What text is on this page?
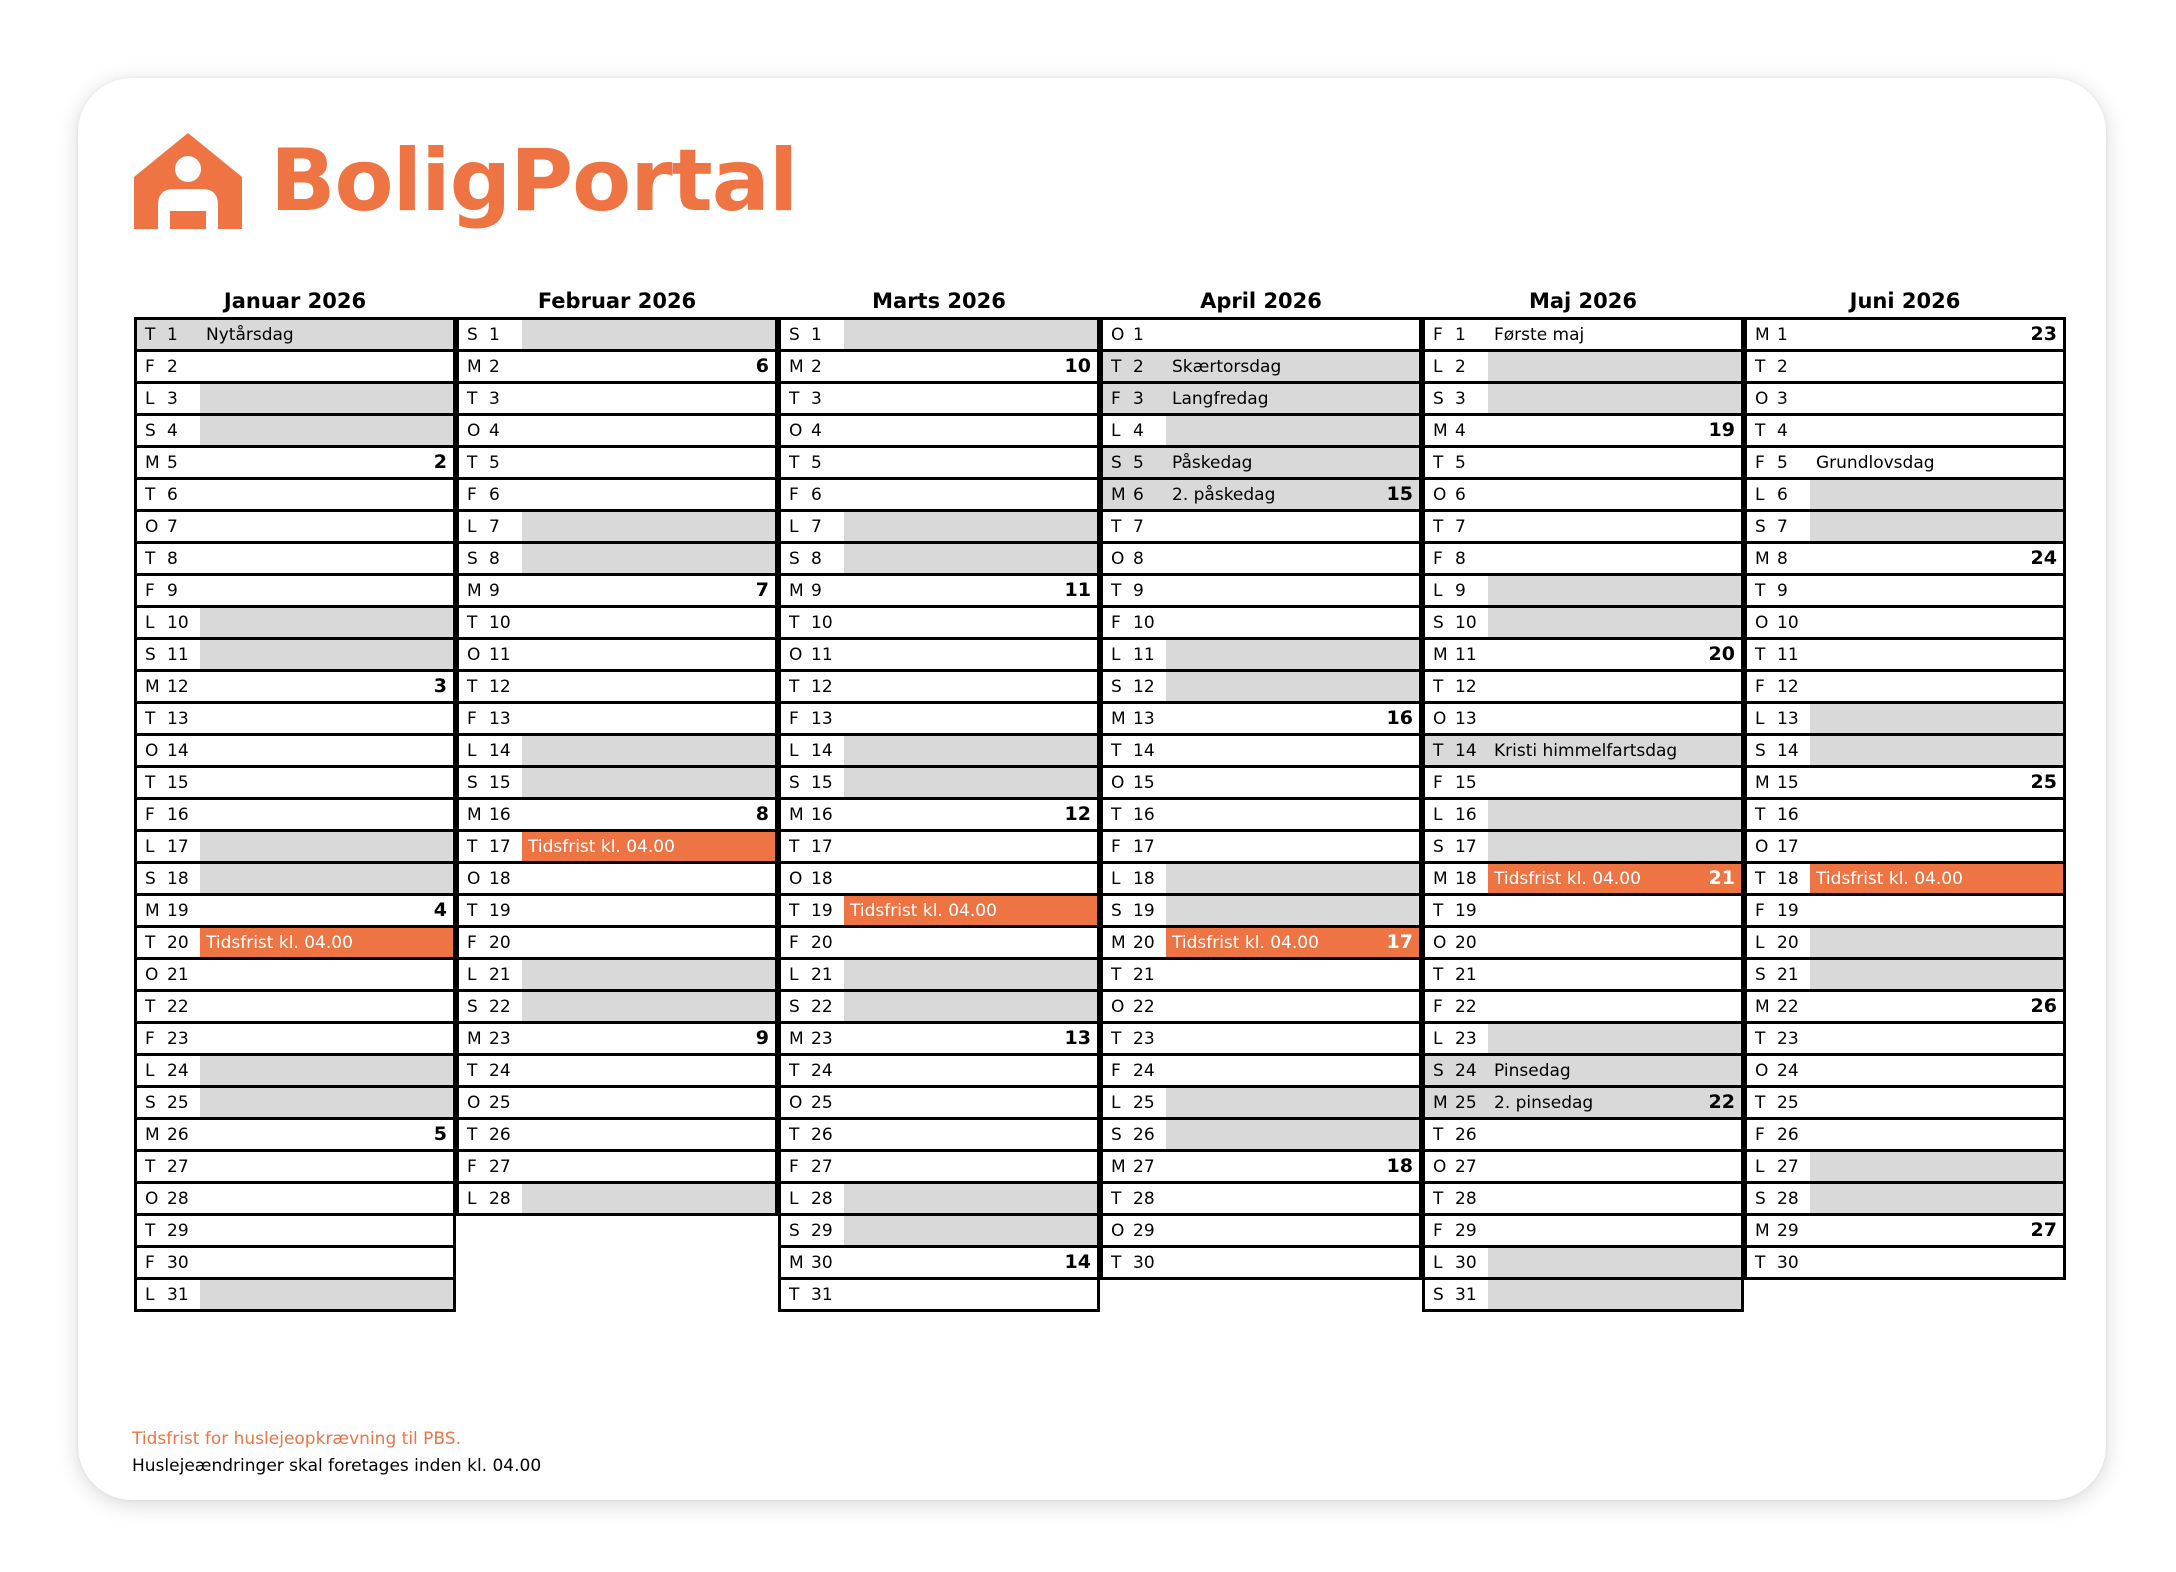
BoligPortal
Januar 2026
T 1	Nytårsdag
F 2
L 3
S 4
M 5	2
T 6
O 7
T 8
F 9
L 10
S 11
M 12	3
T 13
O 14
T 15
F 16
L 17
S 18
M 19	4
T 20	Tidsfrist kl. 04.00
O 21
T 22
F 23
L 24
S 25
M 26	5
T 27
O 28
T 29
F 30
L 31
Februar 2026
S 1
M 2	6
T 3
O 4
T 5
F 6
L 7
S 8
M 9	7
T 10
O 11
T 12
F 13
L 14
S 15
M 16	8
T 17	Tidsfrist kl. 04.00
O 18
T 19
F 20
L 21
S 22
M 23	9
T 24
O 25
T 26
F 27
L 28
Marts 2026
S 1
M 2	10
T 3
O 4
T 5
F 6
L 7
S 8
M 9	11
T 10
O 11
T 12
F 13
L 14
S 15
M 16	12
T 17
O 18
T 19	Tidsfrist kl. 04.00
F 20
L 21
S 22
M 23	13
T 24
O 25
T 26
F 27
L 28
S 29
M 30	14
T 31
April 2026
O 1
T 2	Skærtorsdag
F 3	Langfredag
L 4
S 5	Påskedag
M 6	2. påskedag	15
T 7
O 8
T 9
F 10
L 11
S 12
M 13	16
T 14
O 15
T 16
F 17
L 18
S 19
M 20	Tidsfrist kl. 04.00	17
T 21
O 22
T 23
F 24
L 25
S 26
M 27	18
T 28
O 29
T 30
Maj 2026
F 1	Første maj
L 2
S 3
M 4	19
T 5
O 6
T 7
F 8
L 9
S 10
M 11	20
T 12
O 13
T 14	Kristi himmelfartsdag
F 15
L 16
S 17
M 18	Tidsfrist kl. 04.00	21
T 19
O 20
T 21
F 22
L 23
S 24	Pinsedag
M 25	2. pinsedag	22
T 26
O 27
T 28
F 29
L 30
S 31
Juni 2026
M 1	23
T 2
O 3
T 4
F 5	Grundlovsdag
L 6
S 7
M 8	24
T 9
O 10
T 11
F 12
L 13
S 14
M 15	25
T 16
O 17
T 18	Tidsfrist kl. 04.00
F 19
L 20
S 21
M 22	26
T 23
O 24
T 25
F 26
L 27
S 28
M 29	27
T 30
Tidsfrist for huslejeopkrævning til PBS.
Huslejeændringer skal foretages inden kl. 04.00
